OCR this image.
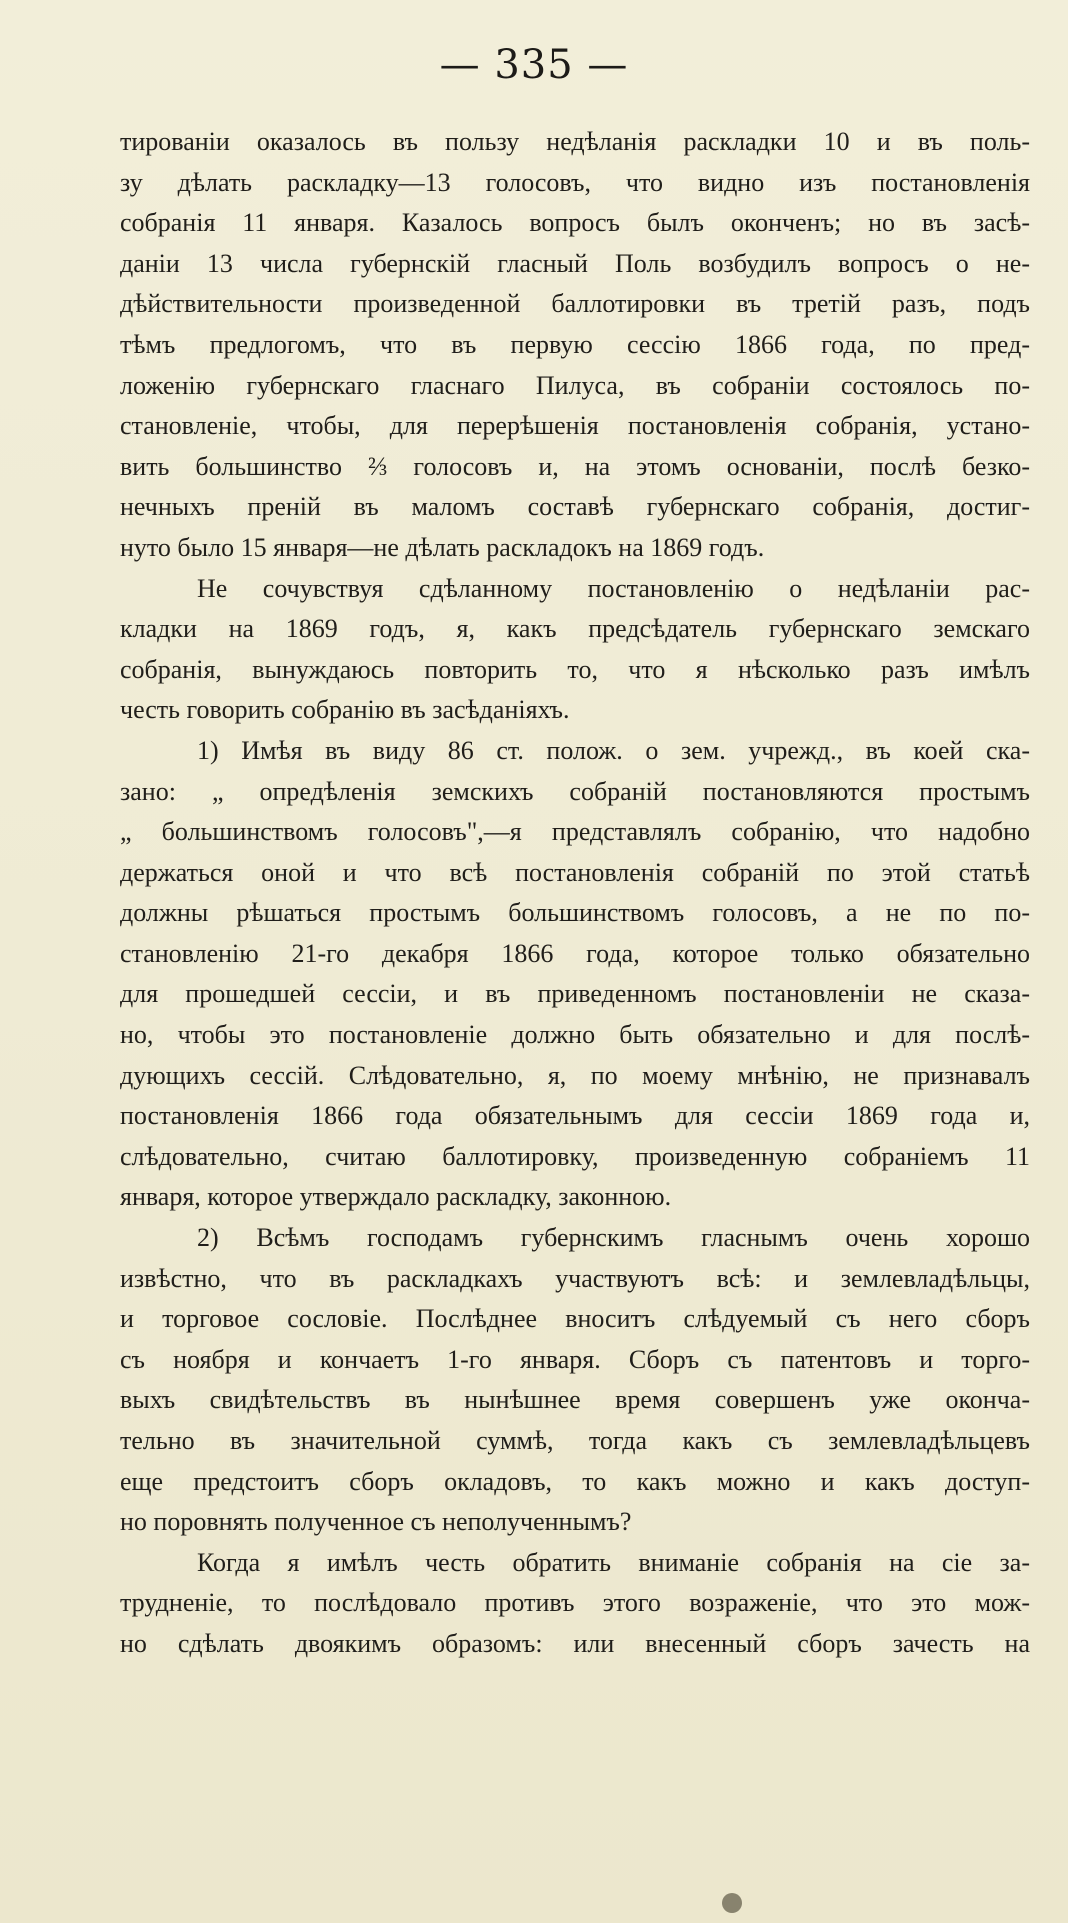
— 335 —
тированіи оказалось въ пользу недѣланія раскладки 10 и въ поль-
зу дѣлать раскладку—13 голосовъ, что видно изъ постановленія
собранія 11 января. Казалось вопросъ былъ оконченъ; но въ засѣ-
даніи 13 числа губернскій гласный Поль возбудилъ вопросъ о не-
дѣйствительности произведенной баллотировки въ третій разъ, подъ
тѣмъ предлогомъ, что въ первую сессію 1866 года, по пред-
ложенію губернскаго гласнаго Пилуса, въ собраніи состоялось по-
становленіе, чтобы, для перерѣшенія постановленія собранія, устано-
вить большинство ⅔ голосовъ и, на этомъ основаніи, послѣ безко-
нечныхъ преній въ маломъ составѣ губернскаго собранія, достиг-
нуто было 15 января—не дѣлать раскладокъ на 1869 годъ.
Не сочувствуя сдѣланному постановленію о недѣланіи рас-
кладки на 1869 годъ, я, какъ предсѣдатель губернскаго земскаго
собранія, вынуждаюсь повторить то, что я нѣсколько разъ имѣлъ
честь говорить собранію въ засѣданіяхъ.
1) Имѣя въ виду 86 ст. полож. о зем. учрежд., въ коей ска-
зано: „ опредѣленія земскихъ собраній постановляются простымъ
„ большинствомъ голосовъ",—я представлялъ собранію, что надобно
держаться оной и что всѣ постановленія собраній по этой статьѣ
должны рѣшаться простымъ большинствомъ голосовъ, а не по по-
становленію 21-го декабря 1866 года, которое только обязательно
для прошедшей сессіи, и въ приведенномъ постановленіи не сказа-
но, чтобы это постановленіе должно быть обязательно и для послѣ-
дующихъ сессій. Слѣдовательно, я, по моему мнѣнію, не признавалъ
постановленія 1866 года обязательнымъ для сессіи 1869 года и,
слѣдовательно, считаю баллотировку, произведенную собраніемъ 11
января, которое утверждало раскладку, законною.
2) Всѣмъ господамъ губернскимъ гласнымъ очень хорошо
извѣстно, что въ раскладкахъ участвуютъ всѣ: и землевладѣльцы,
и торговое сословіе. Послѣднее вноситъ слѣдуемый съ него сборъ
съ ноября и кончаетъ 1-го января. Сборъ съ патентовъ и торго-
выхъ свидѣтельствъ въ нынѣшнее время совершенъ уже оконча-
тельно въ значительной суммѣ, тогда какъ съ землевладѣльцевъ
еще предстоитъ сборъ окладовъ, то какъ можно и какъ доступ-
но поровнять полученное съ неполученнымъ?
Когда я имѣлъ честь обратить вниманіе собранія на сіе за-
трудненіе, то послѣдовало противъ этого возраженіе, что это мож-
но сдѣлать двоякимъ образомъ: или внесенный сборъ зачесть на
